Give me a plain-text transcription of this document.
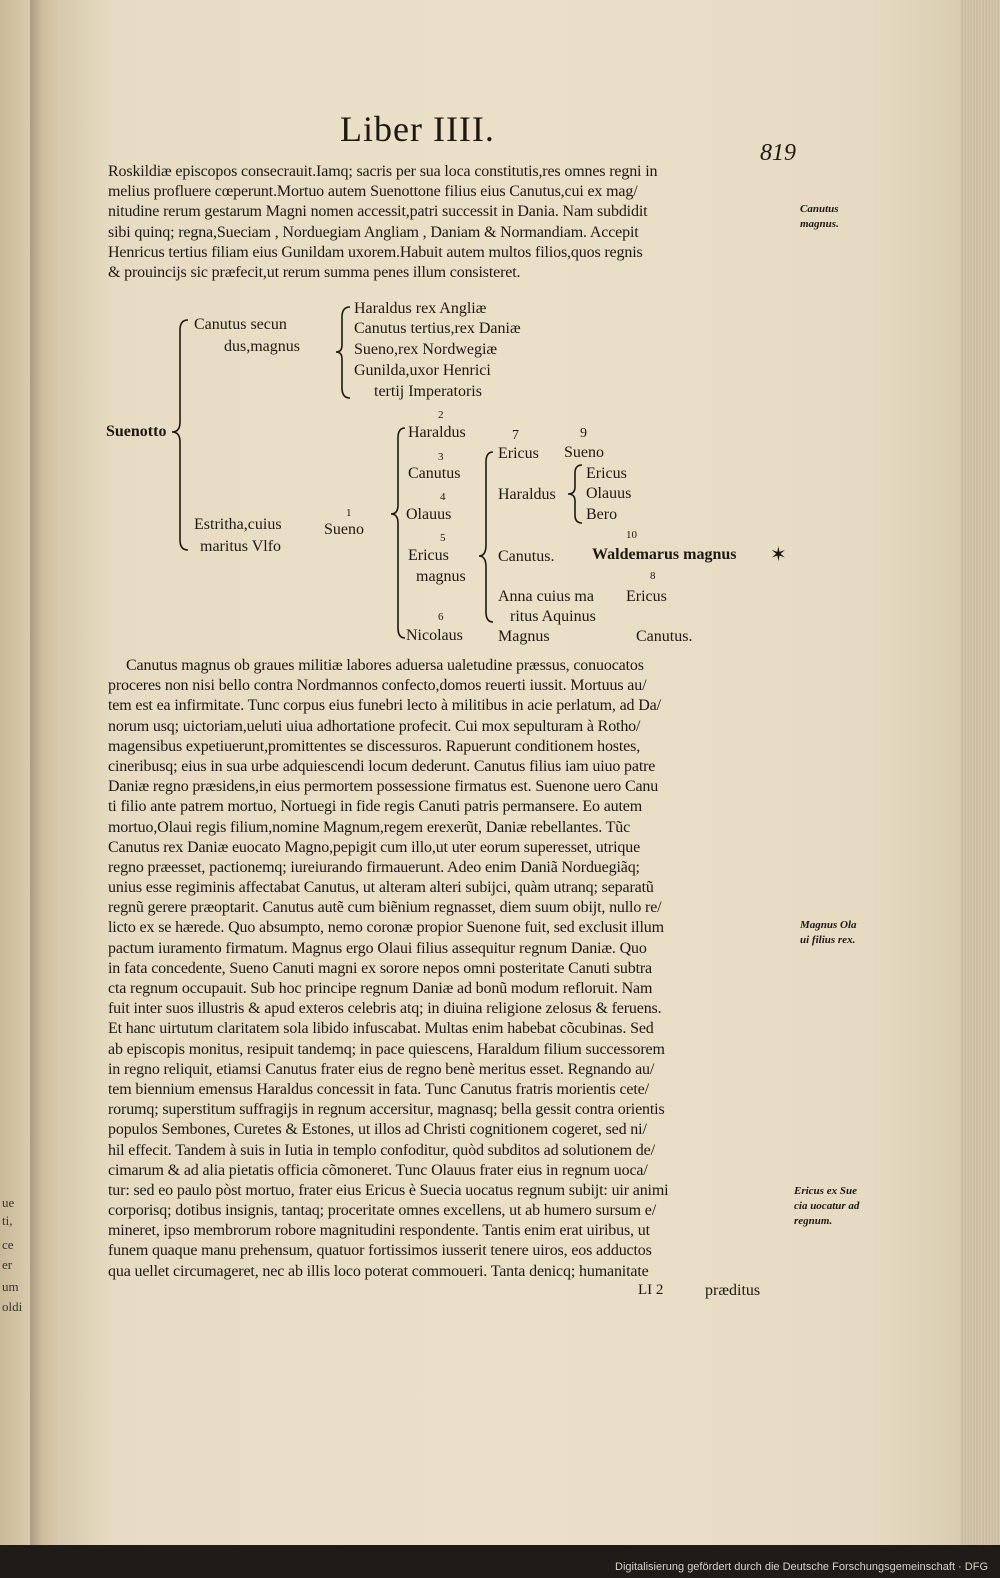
ue
ti,
ce
er
um
oldi
Liber IIII.
819
Roskildiæ episcopos consecrauit.Iamq; sacris per sua loca constitutis,res omnes regni in
melius profluere cœperunt.Mortuo autem Suenottone filius eius Canutus,cui ex mag/
nitudine rerum gestarum Magni nomen accessit,patri successit in Dania. Nam subdidit
sibi quinq; regna,Sueciam , Norduegiam Angliam , Daniam & Normandiam. Accepit
Henricus tertius filiam eius Gunildam uxorem.Habuit autem multos filios,quos regnis
& prouincijs sic præfecit,ut rerum summa penes illum consisteret.
Canutus
magnus.
Suenotto
Canutus secun
dus,magnus
Haraldus rex Angliæ
Canutus tertius,rex Daniæ
Sueno,rex Nordwegiæ
Gunilda,uxor Henrici
tertij Imperatoris
Estritha,cuius
maritus Vlfo
1
Sueno
2
Haraldus
3
Canutus
4
Olauus
5
Ericus
magnus
6
Nicolaus
7
Ericus
9
Sueno
Haraldus
Ericus
Olauus
Bero
Canutus.
10
Waldemarus magnus ✶
8
Anna cuius ma Ericus
ritus Aquinus
Magnus	Canutus.
Canutus magnus ob graues militiæ labores aduersa ualetudine præssus, conuocatos
proceres non nisi bello contra Nordmannos confecto,domos reuerti iussit. Mortuus au/
tem est ea infirmitate. Tunc corpus eius funebri lecto à militibus in acie perlatum, ad Da/
norum usq; uictoriam,ueluti uiua adhortatione profecit. Cui mox sepulturam à Rotho/
magensibus expetiuerunt,promittentes se discessuros. Rapuerunt conditionem hostes,
cineribusq; eius in sua urbe adquiescendi locum dederunt. Canutus filius iam uiuo patre
Daniæ regno præsidens,in eius permortem possessione firmatus est. Suenone uero Canu
ti filio ante patrem mortuo, Nortuegi in fide regis Canuti patris permansere. Eo autem
mortuo,Olaui regis filium,nomine Magnum,regem erexerũt, Daniæ rebellantes. Tũc
Canutus rex Daniæ euocato Magno,pepigit cum illo,ut uter eorum superesset, utrique
regno præesset, pactionemq; iureiurando firmauerunt. Adeo enim Daniã Norduegiãq;
unius esse regiminis affectabat Canutus, ut alteram alteri subijci, quàm utranq; separatũ
regnũ gerere præoptarit. Canutus autẽ cum biẽnium regnasset, diem suum obijt, nullo re/
licto ex se hærede. Quo absumpto, nemo coronæ propior Suenone fuit, sed exclusit illum
pactum iuramento firmatum. Magnus ergo Olaui filius assequitur regnum Daniæ. Quo
in fata concedente, Sueno Canuti magni ex sorore nepos omni posteritate Canuti subtra
cta regnum occupauit. Sub hoc principe regnum Daniæ ad bonũ modum refloruit. Nam
fuit inter suos illustris & apud exteros celebris atq; in diuina religione zelosus & feruens.
Et hanc uirtutum claritatem sola libido infuscabat. Multas enim habebat cõcubinas. Sed
ab episcopis monitus, resipuit tandemq; in pace quiescens, Haraldum filium successorem
in regno reliquit, etiamsi Canutus frater eius de regno benè meritus esset. Regnando au/
tem biennium emensus Haraldus concessit in fata. Tunc Canutus fratris morientis cete/
rorumq; superstitum suffragijs in regnum accersitur, magnasq; bella gessit contra orientis
populos Sembones, Curetes & Estones, ut illos ad Christi cognitionem cogeret, sed ni/
hil effecit. Tandem à suis in Iutia in templo confoditur, quòd subditos ad solutionem de/
cimarum & ad alia pietatis officia cõmoneret. Tunc Olauus frater eius in regnum uoca/
tur: sed eo paulo pòst mortuo, frater eius Ericus è Suecia uocatus regnum subijt: uir animi
corporisq; dotibus insignis, tantaq; proceritate omnes excellens, ut ab humero sursum e/
mineret, ipso membrorum robore magnitudini respondente. Tantis enim erat uiribus, ut
funem quaque manu prehensum, quatuor fortissimos iusserit tenere uiros, eos adductos
qua uellet circumageret, nec ab illis loco poterat commoueri. Tanta denicq; humanitate
Magnus Ola
ui filius rex.
Ericus ex Sue
cia uocatur ad
regnum.
LI 2	præditus
Digitalisierung gefördert durch die Deutsche Forschungsgemeinschaft · DFG
